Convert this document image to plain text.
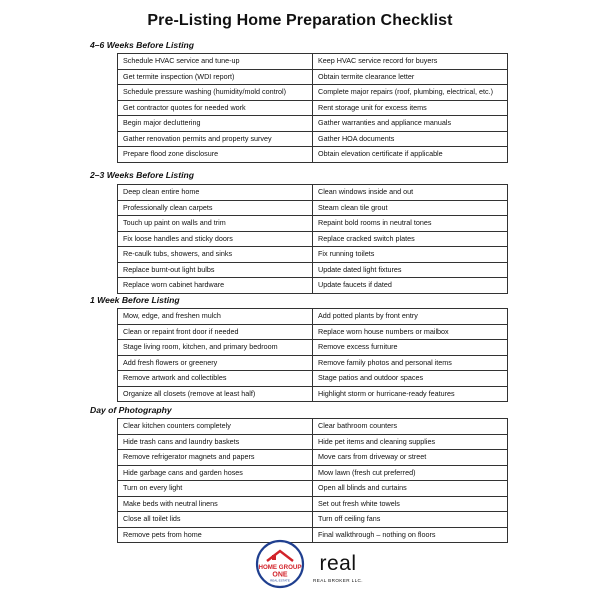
Pre-Listing Home Preparation Checklist
4–6 Weeks Before Listing
Schedule HVAC service and tune-up	Keep HVAC service record for buyers
Get termite inspection (WDI report)	Obtain termite clearance letter
Schedule pressure washing (humidity/mold control)	Complete major repairs (roof, plumbing, electrical, etc.)
Get contractor quotes for needed work	Rent storage unit for excess items
Begin major decluttering	Gather warranties and appliance manuals
Gather renovation permits and property survey	Gather HOA documents
Prepare flood zone disclosure	Obtain elevation certificate if applicable
2–3 Weeks Before Listing
Deep clean entire home	Clean windows inside and out
Professionally clean carpets	Steam clean tile grout
Touch up paint on walls and trim	Repaint bold rooms in neutral tones
Fix loose handles and sticky doors	Replace cracked switch plates
Re-caulk tubs, showers, and sinks	Fix running toilets
Replace burnt-out light bulbs	Update dated light fixtures
Replace worn cabinet hardware	Update faucets if dated
1 Week Before Listing
Mow, edge, and freshen mulch	Add potted plants by front entry
Clean or repaint front door if needed	Replace worn house numbers or mailbox
Stage living room, kitchen, and primary bedroom	Remove excess furniture
Add fresh flowers or greenery	Remove family photos and personal items
Remove artwork and collectibles	Stage patios and outdoor spaces
Organize all closets (remove at least half)	Highlight storm or hurricane-ready features
Day of Photography
Clear kitchen counters completely	Clear bathroom counters
Hide trash cans and laundry baskets	Hide pet items and cleaning supplies
Remove refrigerator magnets and papers	Move cars from driveway or street
Hide garbage cans and garden hoses	Mow lawn (fresh cut preferred)
Turn on every light	Open all blinds and curtains
Make beds with neutral linens	Set out fresh white towels
Close all toilet lids	Turn off ceiling fans
Remove pets from home	Final walkthrough – nothing on floors
HOME GROUP
ONE
REAL ESTATE
real
REAL BROKER LLC.
